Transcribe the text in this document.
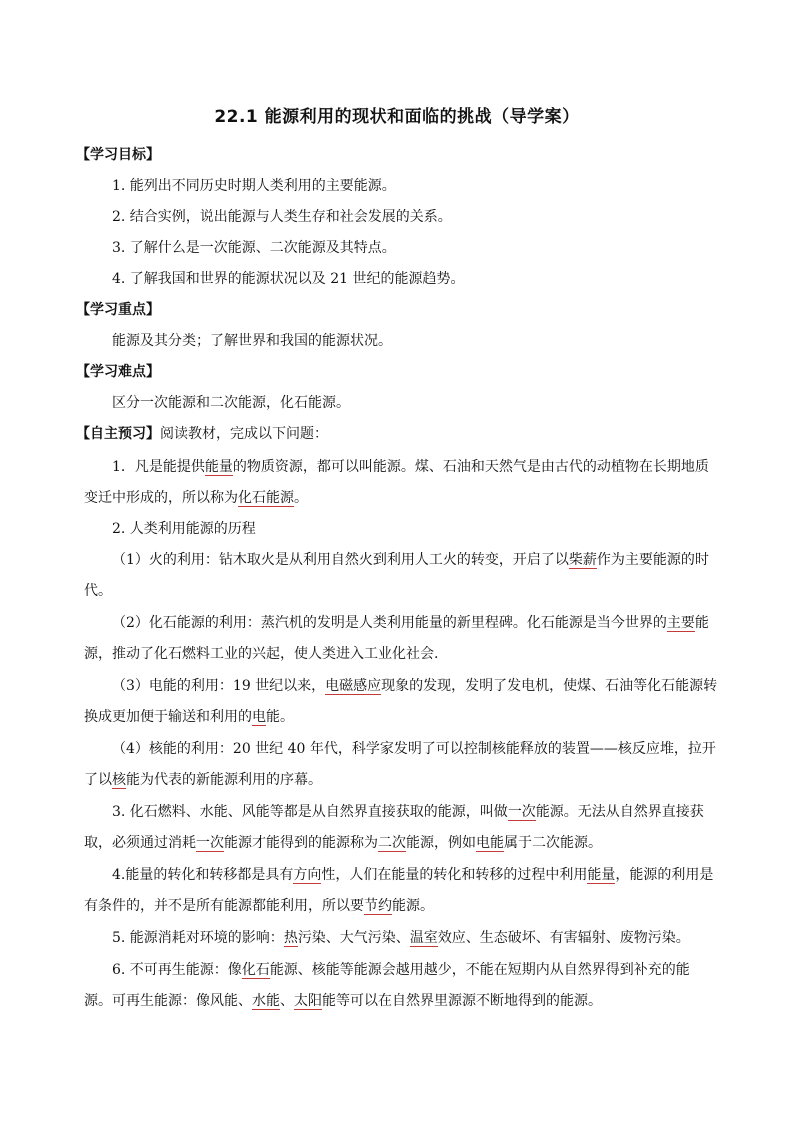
22.1 能源利用的现状和面临的挑战（导学案）
【学习目标】
1. 能列出不同历史时期人类利用的主要能源。
2. 结合实例，说出能源与人类生存和社会发展的关系。
3. 了解什么是一次能源、二次能源及其特点。
4. 了解我国和世界的能源状况以及 21 世纪的能源趋势。
【学习重点】
能源及其分类；了解世界和我国的能源状况。
【学习难点】
区分一次能源和二次能源，化石能源。
【自主预习】阅读教材，完成以下问题：
1．凡是能提供能量的物质资源，都可以叫能源。煤、石油和天然气是由古代的动植物在长期地质
变迁中形成的，所以称为化石能源。
2. 人类利用能源的历程
（1）火的利用：钻木取火是从利用自然火到利用人工火的转变，开启了以柴薪作为主要能源的时
代。
（2）化石能源的利用：蒸汽机的发明是人类利用能量的新里程碑。化石能源是当今世界的主要能
源，推动了化石燃料工业的兴起，使人类进入工业化社会.
（3）电能的利用：19 世纪以来，电磁感应现象的发现，发明了发电机，使煤、石油等化石能源转
换成更加便于输送和利用的电能。
（4）核能的利用：20 世纪 40 年代，科学家发明了可以控制核能释放的装置——核反应堆，拉开
了以核能为代表的新能源利用的序幕。
3. 化石燃料、水能、风能等都是从自然界直接获取的能源，叫做一次能源。无法从自然界直接获
取，必须通过消耗一次能源才能得到的能源称为二次能源，例如电能属于二次能源。
4.能量的转化和转移都是具有方向性，人们在能量的转化和转移的过程中利用能量，能源的利用是
有条件的，并不是所有能源都能利用，所以要节约能源。
5. 能源消耗对环境的影响：热污染、大气污染、温室效应、生态破坏、有害辐射、废物污染。
6. 不可再生能源：像化石能源、核能等能源会越用越少，不能在短期内从自然界得到补充的能
源。可再生能源：像风能、水能、太阳能等可以在自然界里源源不断地得到的能源。
